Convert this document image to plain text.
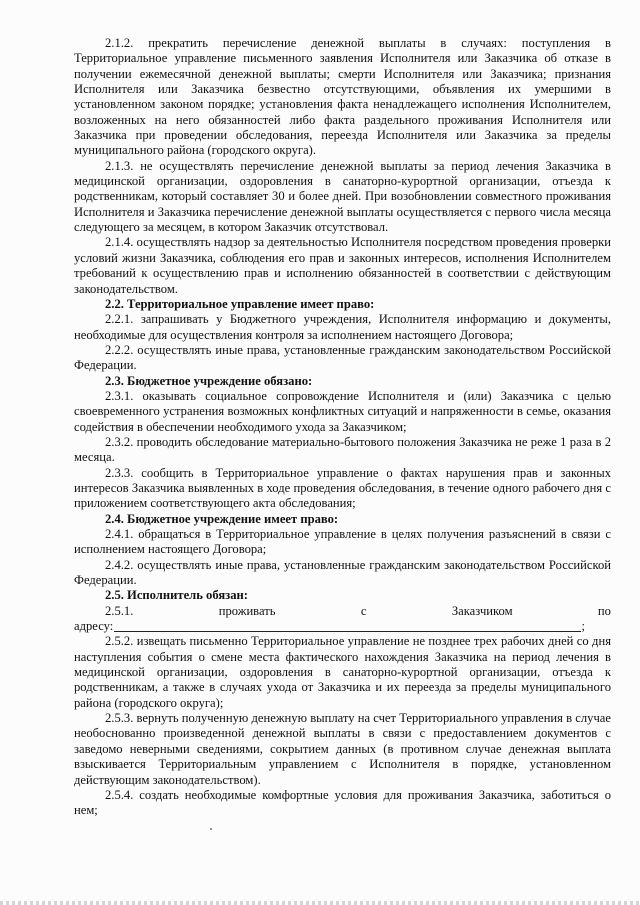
2.1.2. прекратить перечисление денежной выплаты в случаях: поступления в Территориальное управление письменного заявления Исполнителя или Заказчика об отказе в получении ежемесячной денежной выплаты; смерти Исполнителя или Заказчика; признания Исполнителя или Заказчика безвестно отсутствующими, объявления их умершими в установленном законом порядке; установления факта ненадлежащего исполнения Исполнителем, возложенных на него обязанностей либо факта раздельного проживания Исполнителя или Заказчика при проведении обследования, переезда Исполнителя или Заказчика за пределы муниципального района (городского округа).

2.1.3. не осуществлять перечисление денежной выплаты за период лечения Заказчика в медицинской организации, оздоровления в санаторно-курортной организации, отъезда к родственникам, который составляет 30 и более дней. При возобновлении совместного проживания Исполнителя и Заказчика перечисление денежной выплаты осуществляется с первого числа месяца следующего за месяцем, в котором Заказчик отсутствовал.

2.1.4. осуществлять надзор за деятельностью Исполнителя посредством проведения проверки условий жизни Заказчика, соблюдения его прав и законных интересов, исполнения Исполнителем требований к осуществлению прав и исполнению обязанностей в соответствии с действующим законодательством.

2.2. Территориальное управление имеет право:

2.2.1. запрашивать у Бюджетного учреждения, Исполнителя информацию и документы, необходимые для осуществления контроля за исполнением настоящего Договора;

2.2.2. осуществлять иные права, установленные гражданским законодательством Российской Федерации.

2.3. Бюджетное учреждение обязано:

2.3.1. оказывать социальное сопровождение Исполнителя и (или) Заказчика с целью своевременного устранения возможных конфликтных ситуаций и напряженности в семье, оказания содействия в обеспечении необходимого ухода за Заказчиком;

2.3.2. проводить обследование материально-бытового положения Заказчика не реже 1 раза в 2 месяца.

2.3.3. сообщить в Территориальное управление о фактах нарушения прав и законных интересов Заказчика выявленных в ходе проведения обследования, в течение одного рабочего дня с приложением соответствующего акта обследования;

2.4. Бюджетное учреждение имеет право:

2.4.1. обращаться в Территориальное управление в целях получения разъяснений в связи с исполнением настоящего Договора;

2.4.2. осуществлять иные права, установленные гражданским законодательством Российской Федерации.

2.5. Исполнитель обязан:

2.5.1.	проживать	с	Заказчиком	по
адресу:	;

2.5.2. извещать письменно Территориальное управление не позднее трех рабочих дней со дня наступления события о смене места фактического нахождения Заказчика на период лечения в медицинской организации, оздоровления в санаторно-курортной организации, отъезда к родственникам, а также в случаях ухода от Заказчика и их переезда за пределы муниципального района (городского округа);

2.5.3. вернуть полученную денежную выплату на счет Территориального управления в случае необоснованно произведенной денежной выплаты в связи с предоставлением документов с заведомо неверными сведениями, сокрытием данных (в противном случае денежная выплата взыскивается Территориальным управлением с Исполнителя в порядке, установленном действующим законодательством).

2.5.4. создать необходимые комфортные условия для проживания Заказчика, заботиться о нем;
